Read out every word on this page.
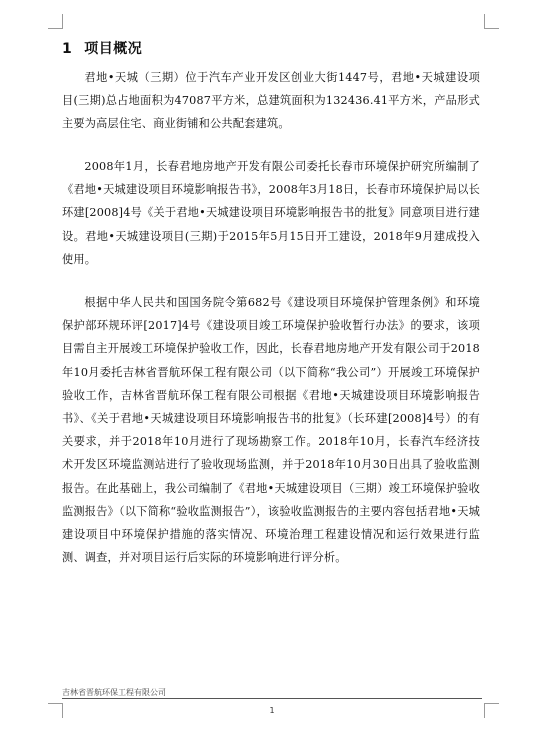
1 项目概况

君地•天城（三期）位于汽车产业开发区创业大街1447号，君地•天城建设项目(三期)总占地面积为47087平方米，总建筑面积为132436.41平方米，产品形式主要为高层住宅、商业街铺和公共配套建筑。

2008年1月，长春君地房地产开发有限公司委托长春市环境保护研究所编制了《君地•天城建设项目环境影响报告书》，2008年3月18日，长春市环境保护局以长环建[2008]4号《关于君地•天城建设项目环境影响报告书的批复》同意项目进行建设。君地•天城建设项目(三期)于2015年5月15日开工建设，2018年9月建成投入使用。

根据中华人民共和国国务院令第682号《建设项目环境保护管理条例》和环境保护部环规环评[2017]4号《建设项目竣工环境保护验收暂行办法》的要求，该项目需自主开展竣工环境保护验收工作，因此，长春君地房地产开发有限公司于2018年10月委托吉林省晋航环保工程有限公司（以下简称“我公司”）开展竣工环境保护验收工作，吉林省晋航环保工程有限公司根据《君地•天城建设项目环境影响报告书》、《关于君地•天城建设项目环境影响报告书的批复》（长环建[2008]4号）的有关要求，并于2018年10月进行了现场勘察工作。2018年10月，长春汽车经济技术开发区环境监测站进行了验收现场监测，并于2018年10月30日出具了验收监测报告。在此基础上，我公司编制了《君地•天城建设项目（三期）竣工环境保护验收监测报告》（以下简称“验收监测报告”），该验收监测报告的主要内容包括君地•天城建设项目中环境保护措施的落实情况、环境治理工程建设情况和运行效果进行监测、调查，并对项目运行后实际的环境影响进行评分析。

吉林省晋航环保工程有限公司
1
